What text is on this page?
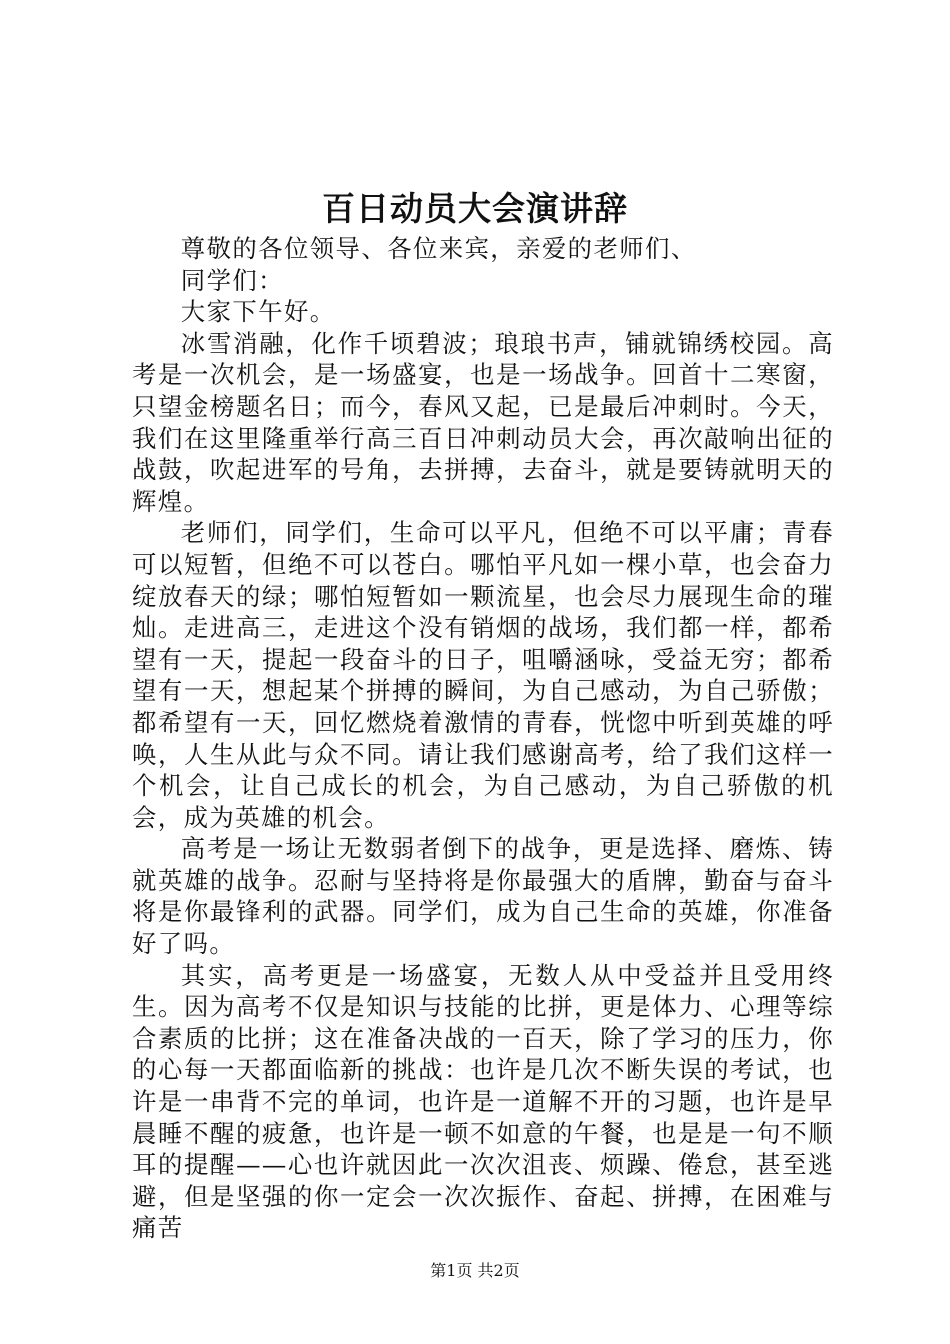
百日动员大会演讲辞

尊敬的各位领导、各位来宾，亲爱的老师们、

同学们：

大家下午好。

冰雪消融，化作千顷碧波；琅琅书声，铺就锦绣校园。高考是一次机会，是一场盛宴，也是一场战争。回首十二寒窗，只望金榜题名日；而今，春风又起，已是最后冲刺时。今天，我们在这里隆重举行高三百日冲刺动员大会，再次敲响出征的战鼓，吹起进军的号角，去拼搏，去奋斗，就是要铸就明天的辉煌。

老师们，同学们，生命可以平凡，但绝不可以平庸；青春可以短暂，但绝不可以苍白。哪怕平凡如一棵小草，也会奋力绽放春天的绿；哪怕短暂如一颗流星，也会尽力展现生命的璀灿。走进高三，走进这个没有销烟的战场，我们都一样，都希望有一天，提起一段奋斗的日子，咀嚼涵咏，受益无穷；都希望有一天，想起某个拼搏的瞬间，为自己感动，为自己骄傲；都希望有一天，回忆燃烧着激情的青春，恍惚中听到英雄的呼唤，人生从此与众不同。请让我们感谢高考，给了我们这样一个机会，让自己成长的机会，为自己感动，为自己骄傲的机会，成为英雄的机会。

高考是一场让无数弱者倒下的战争，更是选择、磨炼、铸就英雄的战争。忍耐与坚持将是你最强大的盾牌，勤奋与奋斗将是你最锋利的武器。同学们，成为自己生命的英雄，你准备好了吗。

其实，高考更是一场盛宴，无数人从中受益并且受用终生。因为高考不仅是知识与技能的比拼，更是体力、心理等综合素质的比拼；这在准备决战的一百天，除了学习的压力，你的心每一天都面临新的挑战：也许是几次不断失误的考试，也许是一串背不完的单词，也许是一道解不开的习题，也许是早晨睡不醒的疲惫，也许是一顿不如意的午餐，也是是一句不顺耳的提醒——心也许就因此一次次沮丧、烦躁、倦怠，甚至逃避，但是坚强的你一定会一次次振作、奋起、拼搏，在困难与痛苦

第1页 共2页
